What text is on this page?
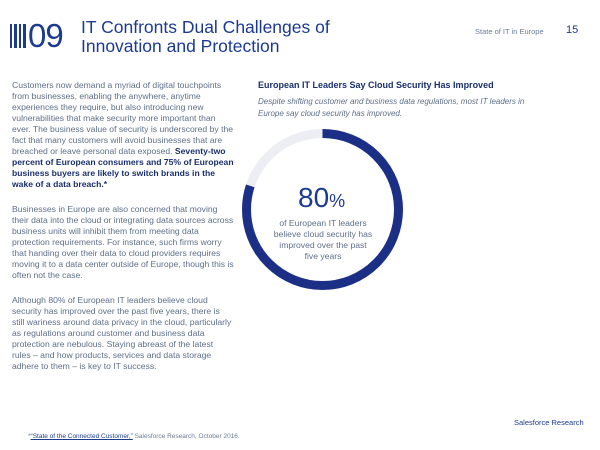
09 IT Confronts Dual Challenges of Innovation and Protection
State of IT in Europe 15

Customers now demand a myriad of digital touchpoints from businesses, enabling the anywhere, anytime experiences they require, but also introducing new vulnerabilities that make security more important than ever. The business value of security is underscored by the fact that many customers will avoid businesses that are breached or leave personal data exposed. Seventy-two percent of European consumers and 75% of European business buyers are likely to switch brands in the wake of a data breach.*

Businesses in Europe are also concerned that moving their data into the cloud or integrating data sources across business units will inhibit them from meeting data protection requirements. For instance, such firms worry that handing over their data to cloud providers requires moving it to a data center outside of Europe, though this is often not the case.

Although 80% of European IT leaders believe cloud security has improved over the past five years, there is still wariness around data privacy in the cloud, particularly as regulations around customer and business data protection are nebulous. Staying abreast of the latest rules – and how products, services and data storage adhere to them – is key to IT success.

European IT Leaders Say Cloud Security Has Improved
Despite shifting customer and business data regulations, most IT leaders in Europe say cloud security has improved.
80%
of European IT leaders believe cloud security has improved over the past five years
Salesforce Research
*“State of the Connected Customer,” Salesforce Research, October 2016.
